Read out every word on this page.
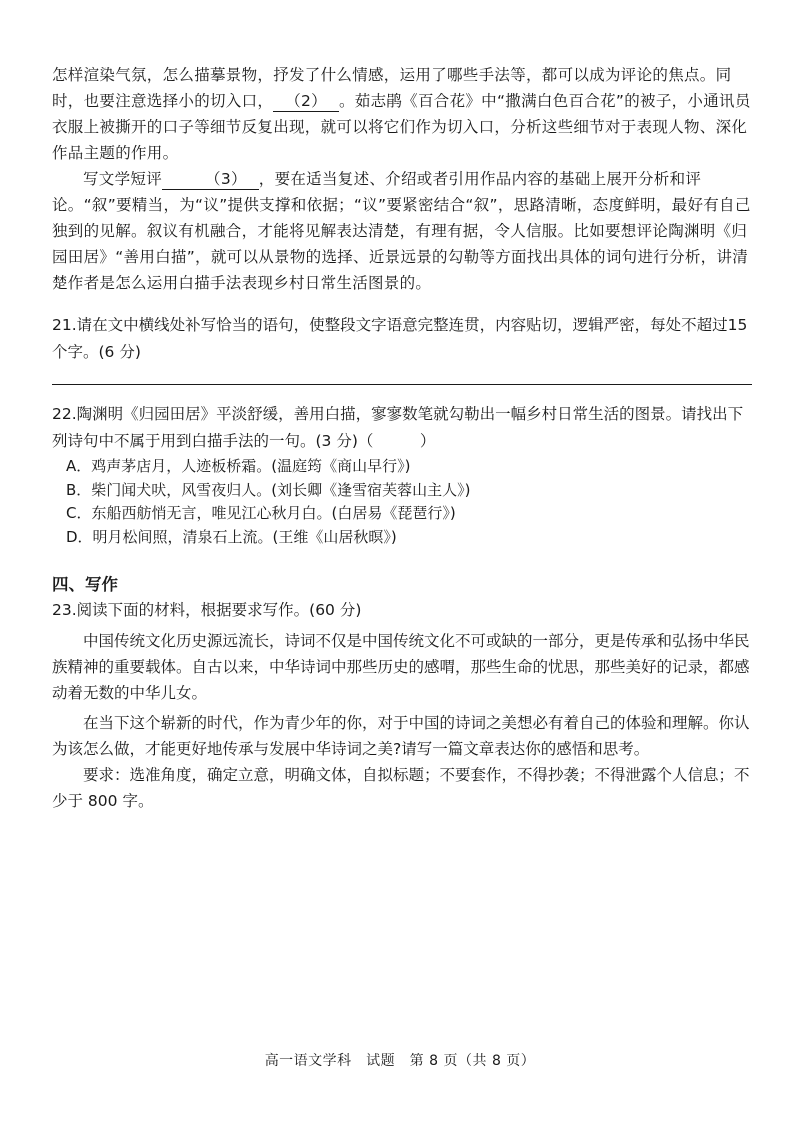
怎样渲染气氛，怎么描摹景物，抒发了什么情感，运用了哪些手法等，都可以成为评论的焦点。同时，也要注意选择小的切入口， （2） 。茹志鹃《百合花》中“撒满白色百合花”的被子，小通讯员衣服上被撕开的口子等细节反复出现，就可以将它们作为切入口，分析这些细节对于表现人物、深化作品主题的作用。

写文学短评	（3） ，要在适当复述、介绍或者引用作品内容的基础上展开分析和评论。“叙”要精当，为“议”提供支撑和依据；“议”要紧密结合“叙”，思路清晰，态度鲜明，最好有自己独到的见解。叙议有机融合，才能将见解表达清楚，有理有据，令人信服。比如要想评论陶渊明《归园田居》“善用白描”，就可以从景物的选择、近景远景的勾勒等方面找出具体的词句进行分析，讲清楚作者是怎么运用白描手法表现乡村日常生活图景的。

21.请在文中横线处补写恰当的语句，使整段文字语意完整连贯，内容贴切，逻辑严密，每处不超过15 个字。(6 分)

22.陶渊明《归园田居》平淡舒缓，善用白描，寥寥数笔就勾勒出一幅乡村日常生活的图景。请找出下列诗句中不属于用到白描手法的一句。(3 分)（　　　）

A．鸡声茅店月，人迹板桥霜。(温庭筠《商山早行》)

B．柴门闻犬吠，风雪夜归人。(刘长卿《逢雪宿芙蓉山主人》)

C．东船西舫悄无言，唯见江心秋月白。(白居易《琵琶行》)

D．明月松间照，清泉石上流。(王维《山居秋暝》)

四、写作

23.阅读下面的材料，根据要求写作。(60 分)

中国传统文化历史源远流长，诗词不仅是中国传统文化不可或缺的一部分，更是传承和弘扬中华民族精神的重要载体。自古以来，中华诗词中那些历史的感喟，那些生命的忧思，那些美好的记录，都感动着无数的中华儿女。

在当下这个崭新的时代，作为青少年的你，对于中国的诗词之美想必有着自己的体验和理解。你认为该怎么做，才能更好地传承与发展中华诗词之美?请写一篇文章表达你的感悟和思考。

要求：选准角度，确定立意，明确文体，自拟标题；不要套作，不得抄袭；不得泄露个人信息；不少于 800 字。

高一语文学科　试题　第 8 页（共 8 页）
